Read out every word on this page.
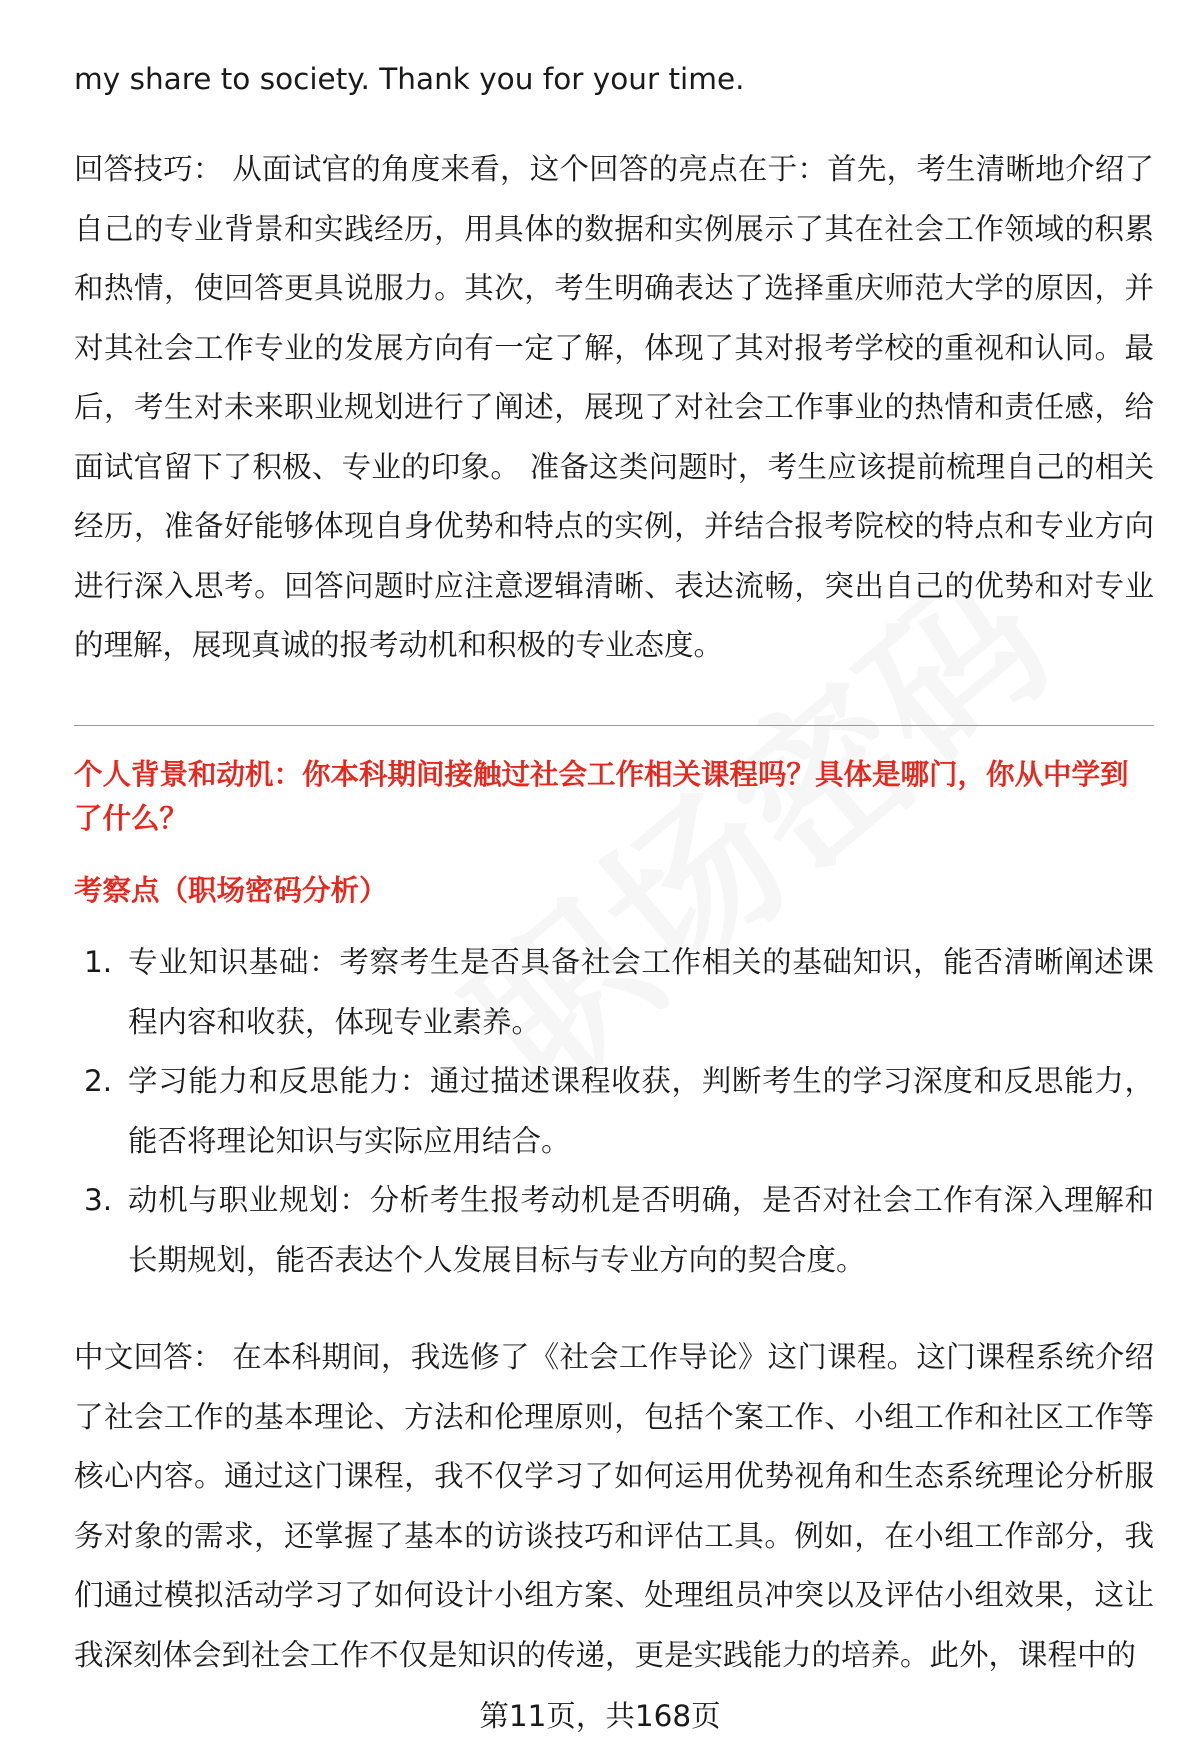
my share to society. Thank you for your time.

回答技巧： 从面试官的角度来看，这个回答的亮点在于：首先，考生清晰地介绍了自己的专业背景和实践经历，用具体的数据和实例展示了其在社会工作领域的积累和热情，使回答更具说服力。其次，考生明确表达了选择重庆师范大学的原因，并对其社会工作专业的发展方向有一定了解，体现了其对报考学校的重视和认同。最后，考生对未来职业规划进行了阐述，展现了对社会工作事业的热情和责任感，给面试官留下了积极、专业的印象。 准备这类问题时，考生应该提前梳理自己的相关经历，准备好能够体现自身优势和特点的实例，并结合报考院校的特点和专业方向进行深入思考。回答问题时应注意逻辑清晰、表达流畅，突出自己的优势和对专业的理解，展现真诚的报考动机和积极的专业态度。

个人背景和动机：你本科期间接触过社会工作相关课程吗？具体是哪门，你从中学到了什么？
考察点（职场密码分析）
1. 专业知识基础：考察考生是否具备社会工作相关的基础知识，能否清晰阐述课程内容和收获，体现专业素养。
2. 学习能力和反思能力：通过描述课程收获，判断考生的学习深度和反思能力，能否将理论知识与实际应用结合。
3. 动机与职业规划：分析考生报考动机是否明确，是否对社会工作有深入理解和长期规划，能否表达个人发展目标与专业方向的契合度。

中文回答： 在本科期间，我选修了《社会工作导论》这门课程。这门课程系统介绍了社会工作的基本理论、方法和伦理原则，包括个案工作、小组工作和社区工作等核心内容。通过这门课程，我不仅学习了如何运用优势视角和生态系统理论分析服务对象的需求，还掌握了基本的访谈技巧和评估工具。例如，在小组工作部分，我们通过模拟活动学习了如何设计小组方案、处理组员冲突以及评估小组效果，这让我深刻体会到社会工作不仅是知识的传递，更是实践能力的培养。此外，课程中的

第11页，共168页
